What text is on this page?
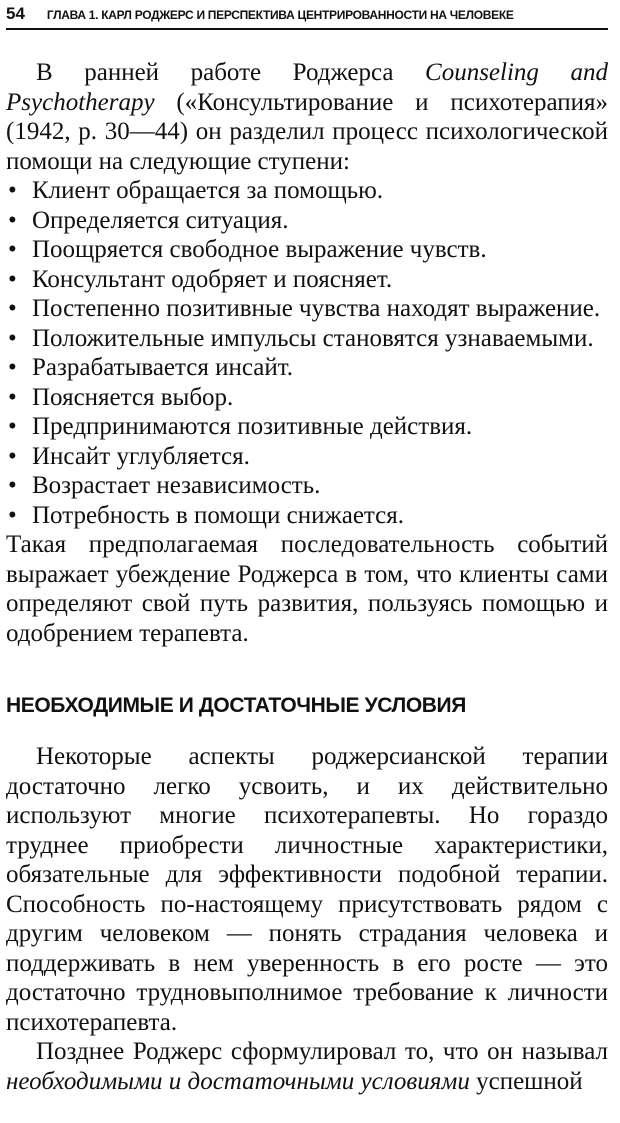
54 ГЛАВА 1. КАРЛ РОДЖЕРС И ПЕРСПЕКТИВА ЦЕНТРИРОВАННОСТИ НА ЧЕЛОВЕКЕ

В ранней работе Роджерса Counseling and Psychotherapy («Консультирование и психотерапия» (1942, р. 30—44) он разделил процесс психологической помощи на следующие ступени:

• Клиент обращается за помощью.
• Определяется ситуация.
• Поощряется свободное выражение чувств.
• Консультант одобряет и поясняет.
• Постепенно позитивные чувства находят выражение.
• Положительные импульсы становятся узнаваемыми.
• Разрабатывается инсайт.
• Поясняется выбор.
• Предпринимаются позитивные действия.
• Инсайт углубляется.
• Возрастает независимость.
• Потребность в помощи снижается.

Такая предполагаемая последовательность событий выражает убеждение Роджерса в том, что клиенты сами определяют свой путь развития, пользуясь помощью и одобрением терапевта.

НЕОБХОДИМЫЕ И ДОСТАТОЧНЫЕ УСЛОВИЯ

Некоторые аспекты роджерсианской терапии достаточно легко усвоить, и их действительно используют многие психотерапевты. Но гораздо труднее приобрести личностные характеристики, обязательные для эффективности подобной терапии. Способность по-настоящему присутствовать рядом с другим человеком — понять страдания человека и поддерживать в нем уверенность в его росте — это достаточно трудновыполнимое требование к личности психотерапевта.

Позднее Роджерс сформулировал то, что он называл необходимыми и достаточными условиями успешной
